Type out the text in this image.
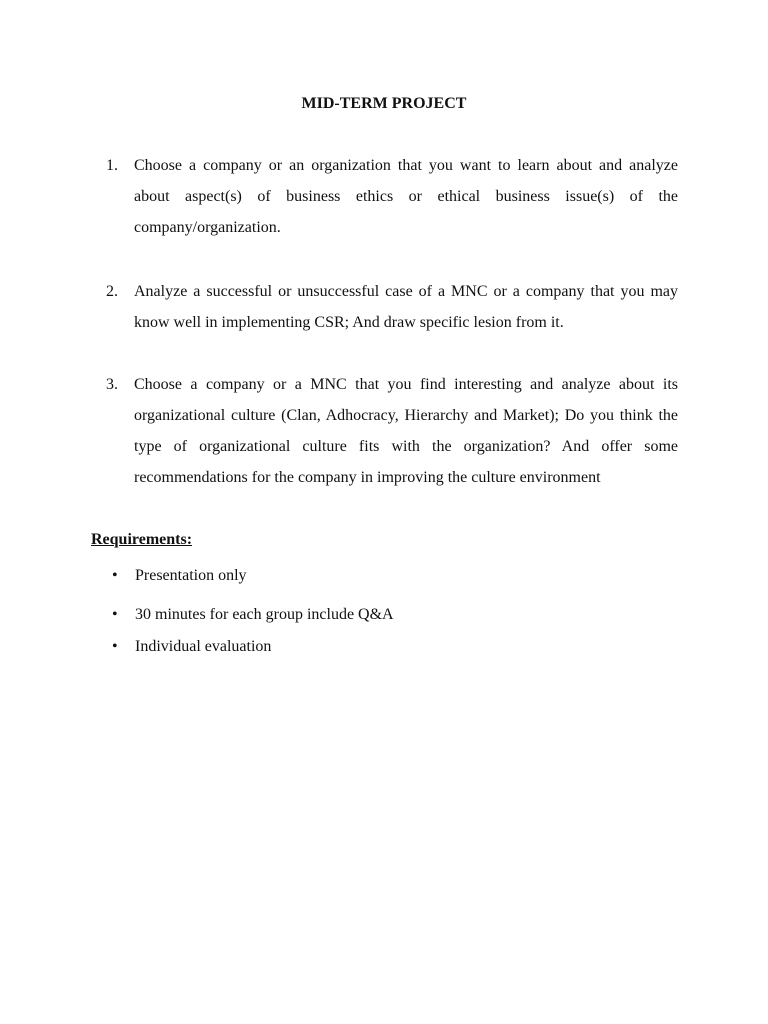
MID-TERM PROJECT
1.	Choose a company or an organization that you want to learn about and analyze about aspect(s) of business ethics or ethical business issue(s) of the company/organization.
2.	Analyze a successful or unsuccessful case of a MNC or a company that you may know well in implementing CSR; And draw specific lesion from it.
3.	Choose a company or a MNC that you find interesting and analyze about its organizational culture (Clan, Adhocracy, Hierarchy and Market); Do you think the type of organizational culture fits with the organization? And offer some recommendations for the company in improving the culture environment
Requirements:
• Presentation only
• 30 minutes for each group include Q&A
• Individual evaluation
